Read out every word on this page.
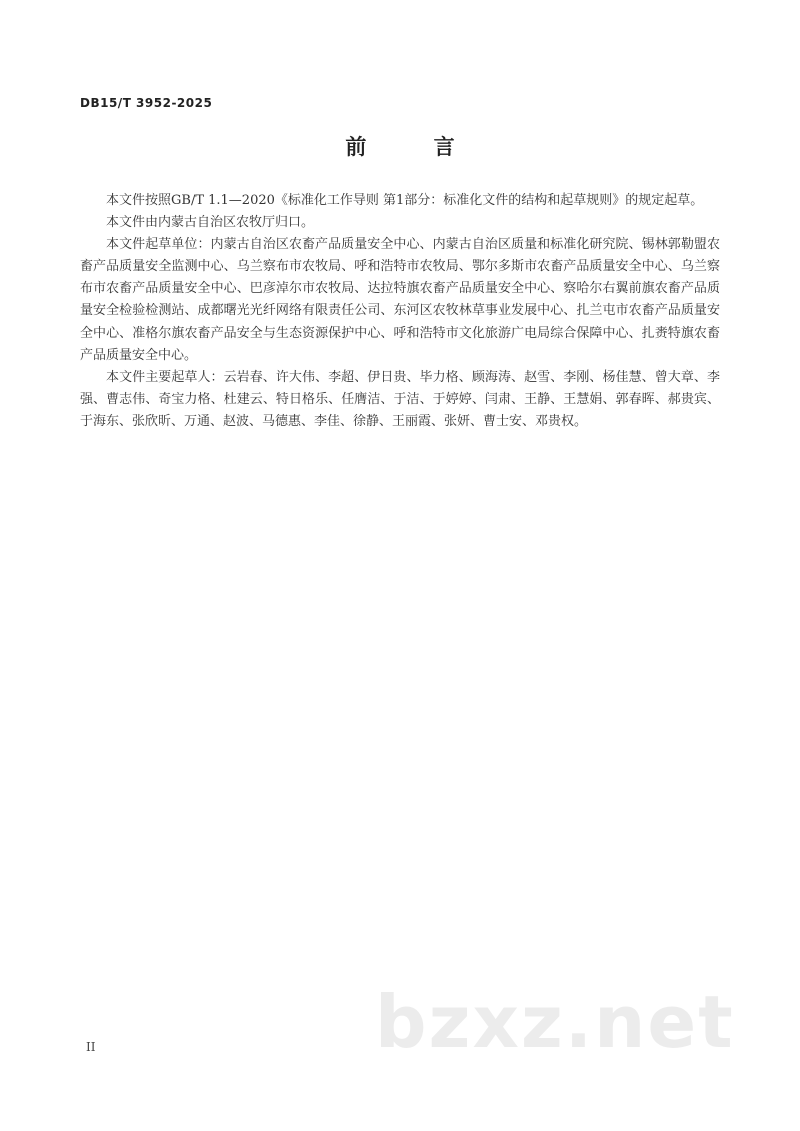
DB15/T 3952-2025
前 言

本文件按照GB/T 1.1—2020《标准化工作导则 第1部分：标准化文件的结构和起草规则》的规定起草。

本文件由内蒙古自治区农牧厅归口。

本文件起草单位：内蒙古自治区农畜产品质量安全中心、内蒙古自治区质量和标准化研究院、锡林郭勒盟农畜产品质量安全监测中心、乌兰察布市农牧局、呼和浩特市农牧局、鄂尔多斯市农畜产品质量安全中心、乌兰察布市农畜产品质量安全中心、巴彦淖尔市农牧局、达拉特旗农畜产品质量安全中心、察哈尔右翼前旗农畜产品质量安全检验检测站、成都曙光光纤网络有限责任公司、东河区农牧林草事业发展中心、扎兰屯市农畜产品质量安全中心、准格尔旗农畜产品安全与生态资源保护中心、呼和浩特市文化旅游广电局综合保障中心、扎赉特旗农畜产品质量安全中心。

本文件主要起草人：云岩春、许大伟、李超、伊日贵、毕力格、顾海涛、赵雪、李刚、杨佳慧、曾大章、李强、曹志伟、奇宝力格、杜建云、特日格乐、任膺洁、于洁、于婷婷、闫肃、王静、王慧娟、郭春晖、郝贵宾、于海东、张欣昕、万通、赵波、马德惠、李佳、徐静、王丽霞、张妍、曹士安、邓贵权。

bzxz.net
II
